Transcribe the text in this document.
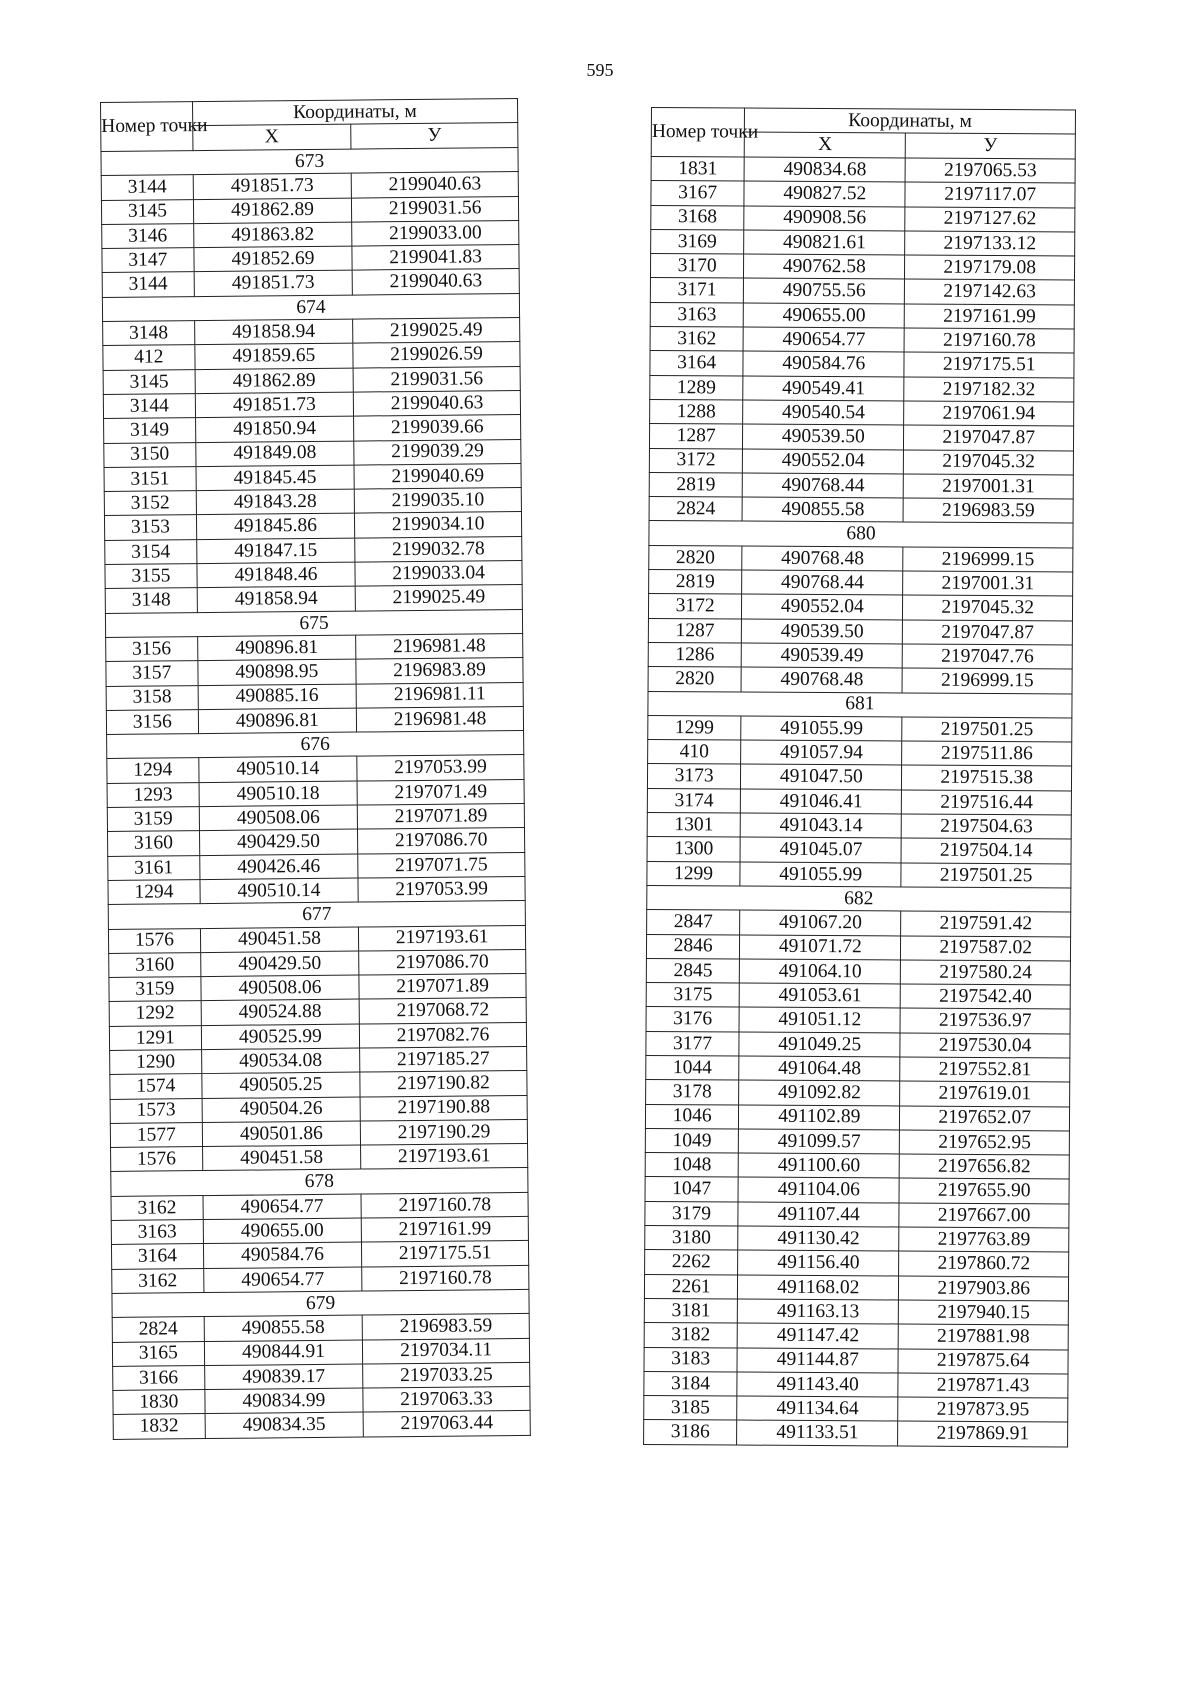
595
Номер точки	Координаты, м	
	X	У
673		
3144	491851.73	2199040.63
3145	491862.89	2199031.56
3146	491863.82	2199033.00
3147	491852.69	2199041.83
3144	491851.73	2199040.63
674		
3148	491858.94	2199025.49
412	491859.65	2199026.59
3145	491862.89	2199031.56
3144	491851.73	2199040.63
3149	491850.94	2199039.66
3150	491849.08	2199039.29
3151	491845.45	2199040.69
3152	491843.28	2199035.10
3153	491845.86	2199034.10
3154	491847.15	2199032.78
3155	491848.46	2199033.04
3148	491858.94	2199025.49
675		
3156	490896.81	2196981.48
3157	490898.95	2196983.89
3158	490885.16	2196981.11
3156	490896.81	2196981.48
676		
1294	490510.14	2197053.99
1293	490510.18	2197071.49
3159	490508.06	2197071.89
3160	490429.50	2197086.70
3161	490426.46	2197071.75
1294	490510.14	2197053.99
677		
1576	490451.58	2197193.61
3160	490429.50	2197086.70
3159	490508.06	2197071.89
1292	490524.88	2197068.72
1291	490525.99	2197082.76
1290	490534.08	2197185.27
1574	490505.25	2197190.82
1573	490504.26	2197190.88
1577	490501.86	2197190.29
1576	490451.58	2197193.61
678		
3162	490654.77	2197160.78
3163	490655.00	2197161.99
3164	490584.76	2197175.51
3162	490654.77	2197160.78
679		
2824	490855.58	2196983.59
3165	490844.91	2197034.11
3166	490839.17	2197033.25
1830	490834.99	2197063.33
1832	490834.35	2197063.44
Номер точки	Координаты, м	
	X	У
1831	490834.68	2197065.53
3167	490827.52	2197117.07
3168	490908.56	2197127.62
3169	490821.61	2197133.12
3170	490762.58	2197179.08
3171	490755.56	2197142.63
3163	490655.00	2197161.99
3162	490654.77	2197160.78
3164	490584.76	2197175.51
1289	490549.41	2197182.32
1288	490540.54	2197061.94
1287	490539.50	2197047.87
3172	490552.04	2197045.32
2819	490768.44	2197001.31
2824	490855.58	2196983.59
680		
2820	490768.48	2196999.15
2819	490768.44	2197001.31
3172	490552.04	2197045.32
1287	490539.50	2197047.87
1286	490539.49	2197047.76
2820	490768.48	2196999.15
681		
1299	491055.99	2197501.25
410	491057.94	2197511.86
3173	491047.50	2197515.38
3174	491046.41	2197516.44
1301	491043.14	2197504.63
1300	491045.07	2197504.14
1299	491055.99	2197501.25
682		
2847	491067.20	2197591.42
2846	491071.72	2197587.02
2845	491064.10	2197580.24
3175	491053.61	2197542.40
3176	491051.12	2197536.97
3177	491049.25	2197530.04
1044	491064.48	2197552.81
3178	491092.82	2197619.01
1046	491102.89	2197652.07
1049	491099.57	2197652.95
1048	491100.60	2197656.82
1047	491104.06	2197655.90
3179	491107.44	2197667.00
3180	491130.42	2197763.89
2262	491156.40	2197860.72
2261	491168.02	2197903.86
3181	491163.13	2197940.15
3182	491147.42	2197881.98
3183	491144.87	2197875.64
3184	491143.40	2197871.43
3185	491134.64	2197873.95
3186	491133.51	2197869.91
